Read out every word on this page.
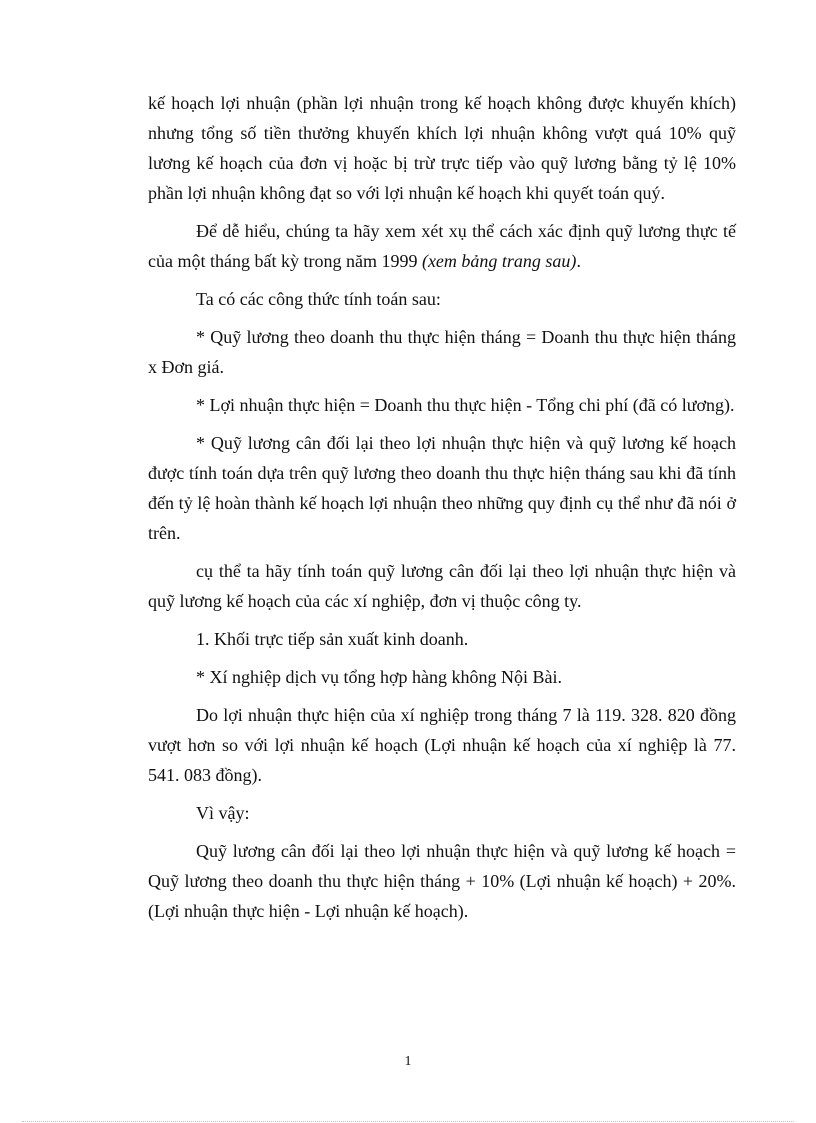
kế hoạch lợi nhuận (phần lợi nhuận trong kế hoạch không được khuyến khích) nhưng tổng số tiền thưởng khuyến khích lợi nhuận không vượt quá 10% quỹ lương kế hoạch của đơn vị hoặc bị trừ trực tiếp vào quỹ lương bằng tỷ lệ 10% phần lợi nhuận không đạt so với lợi nhuận kế hoạch khi quyết toán quý.

Để dễ hiểu, chúng ta hãy xem xét xụ thể cách xác định quỹ lương thực tế của một tháng bất kỳ trong năm 1999 (xem bảng trang sau).

Ta có các công thức tính toán sau:

* Quỹ lương theo doanh thu thực hiện tháng = Doanh thu thực hiện tháng x Đơn giá.

* Lợi nhuận thực hiện = Doanh thu thực hiện - Tổng chi phí (đã có lương).

* Quỹ lương cân đối lại theo lợi nhuận thực hiện và quỹ lương kế hoạch được tính toán dựa trên quỹ lương theo doanh thu thực hiện tháng sau khi đã tính đến tỷ lệ hoàn thành kế hoạch lợi nhuận theo những quy định cụ thể như đã nói ở trên.

cụ thể ta hãy tính toán quỹ lương cân đối lại theo lợi nhuận thực hiện và quỹ lương kế hoạch của các xí nghiệp, đơn vị thuộc công ty.

1. Khối trực tiếp sản xuất kinh doanh.

* Xí nghiệp dịch vụ tổng hợp hàng không Nội Bài.

Do lợi nhuận thực hiện của xí nghiệp trong tháng 7 là 119. 328. 820 đồng vượt hơn so với lợi nhuận kế hoạch (Lợi nhuận kế hoạch của xí nghiệp là 77. 541. 083 đồng).

Vì vậy:

Quỹ lương cân đối lại theo lợi nhuận thực hiện và quỹ lương kế hoạch = Quỹ lương theo doanh thu thực hiện tháng + 10% (Lợi nhuận kế hoạch) + 20%. (Lợi nhuận thực hiện - Lợi nhuận kế hoạch).

1
